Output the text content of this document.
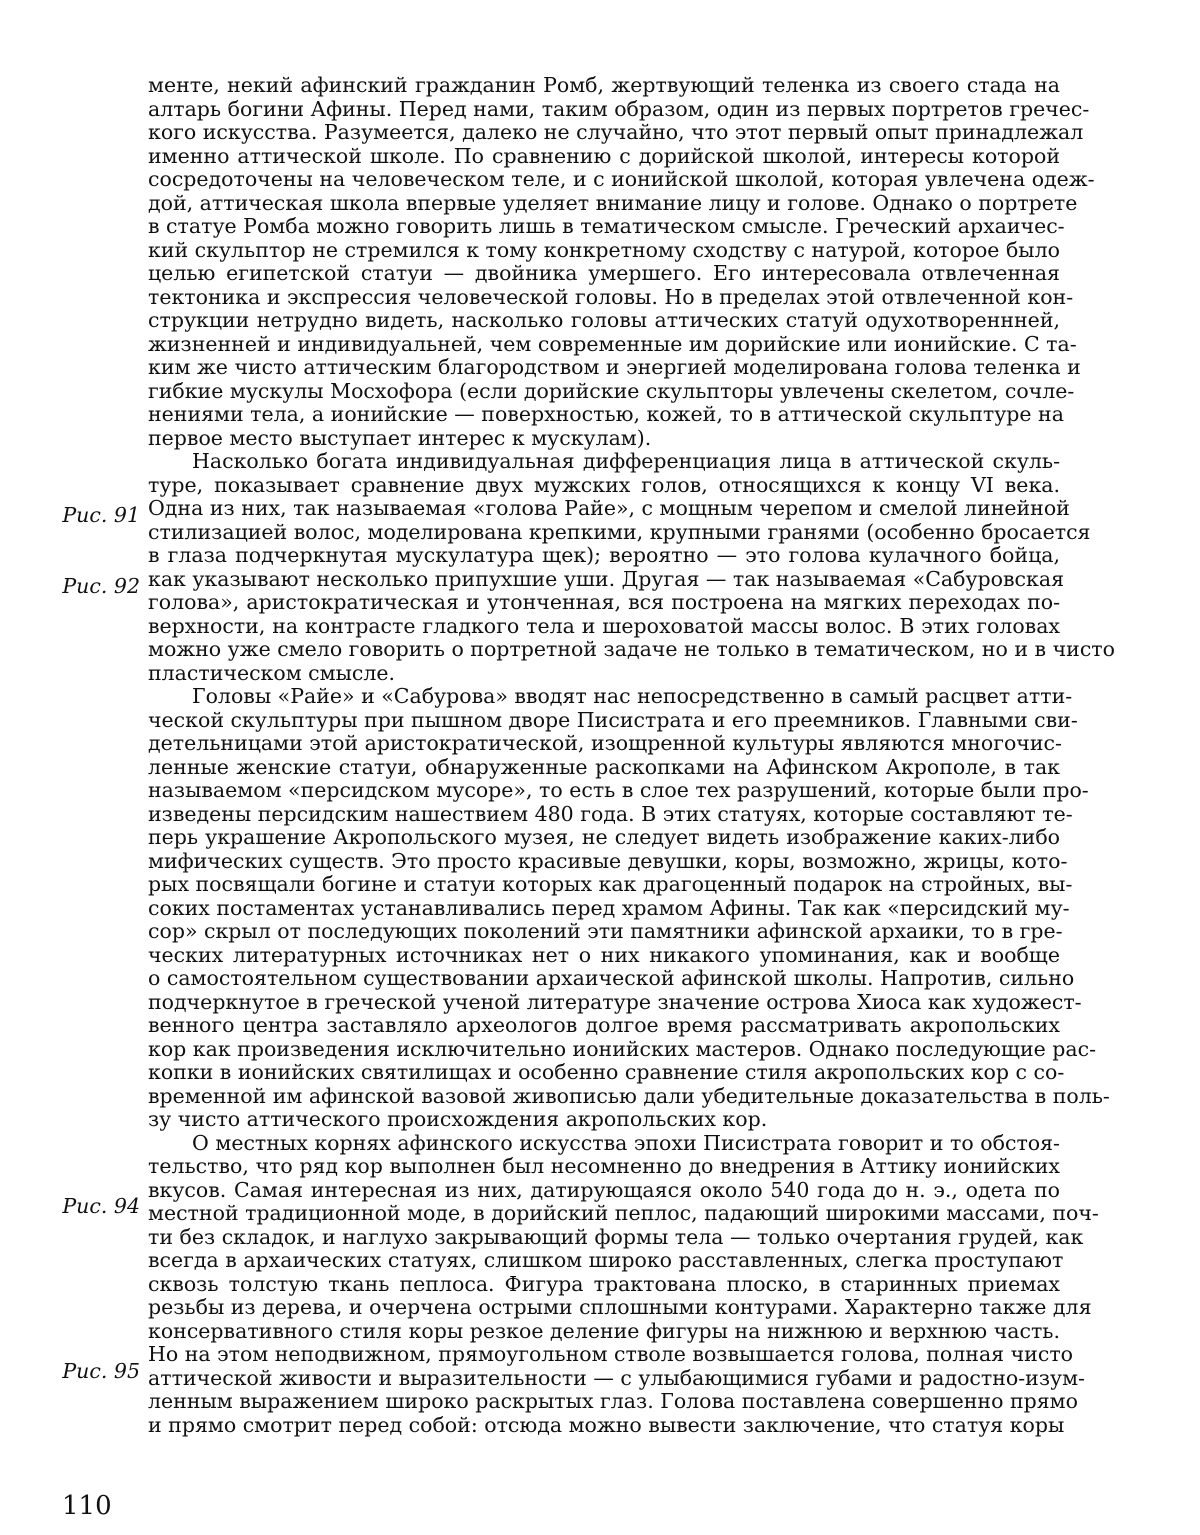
менте, некий афинский гражданин Ромб, жертвующий теленка из своего стада на
алтарь богини Афины. Перед нами, таким образом, один из первых портретов гречес-
кого искусства. Разумеется, далеко не случайно, что этот первый опыт принадлежал
именно аттической школе. По сравнению с дорийской школой, интересы которой
сосредоточены на человеческом теле, и с ионийской школой, которая увлечена одеж-
дой, аттическая школа впервые уделяет внимание лицу и голове. Однако о портрете
в статуе Ромба можно говорить лишь в тематическом смысле. Греческий архаичес-
кий скульптор не стремился к тому конкретному сходству с натурой, которое было
целью египетской статуи — двойника умершего. Его интересовала отвлеченная
тектоника и экспрессия человеческой головы. Но в пределах этой отвлеченной кон-
струкции нетрудно видеть, насколько головы аттических статуй одухотвореннней,
жизненней и индивидуальней, чем современные им дорийские или ионийские. С та-
ким же чисто аттическим благородством и энергией моделирована голова теленка и
гибкие мускулы Мосхофора (если дорийские скульпторы увлечены скелетом, сочле-
нениями тела, а ионийские — поверхностью, кожей, то в аттической скульптуре на
первое место выступает интерес к мускулам).
Насколько богата индивидуальная дифференциация лица в аттической скуль-
туре, показывает сравнение двух мужских голов, относящихся к концу VI века.
Одна из них, так называемая «голова Райе», с мощным черепом и смелой линейной
стилизацией волос, моделирована крепкими, крупными гранями (особенно бросается
в глаза подчеркнутая мускулатура щек); вероятно — это голова кулачного бойца,
как указывают несколько припухшие уши. Другая — так называемая «Сабуровская
голова», аристократическая и утонченная, вся построена на мягких переходах по-
верхности, на контрасте гладкого тела и шероховатой массы волос. В этих головах
можно уже смело говорить о портретной задаче не только в тематическом, но и в чисто
пластическом смысле.
Головы «Райе» и «Сабурова» вводят нас непосредственно в самый расцвет атти-
ческой скульптуры при пышном дворе Писистрата и его преемников. Главными сви-
детельницами этой аристократической, изощренной культуры являются многочис-
ленные женские статуи, обнаруженные раскопками на Афинском Акрополе, в так
называемом «персидском мусоре», то есть в слое тех разрушений, которые были про-
изведены персидским нашествием 480 года. В этих статуях, которые составляют те-
перь украшение Акропольского музея, не следует видеть изображение каких-либо
мифических существ. Это просто красивые девушки, коры, возможно, жрицы, кото-
рых посвящали богине и статуи которых как драгоценный подарок на стройных, вы-
соких постаментах устанавливались перед храмом Афины. Так как «персидский му-
сор» скрыл от последующих поколений эти памятники афинской архаики, то в гре-
ческих литературных источниках нет о них никакого упоминания, как и вообще
о самостоятельном существовании архаической афинской школы. Напротив, сильно
подчеркнутое в греческой ученой литературе значение острова Хиоса как художест-
венного центра заставляло археологов долгое время рассматривать акропольских
кор как произведения исключительно ионийских мастеров. Однако последующие рас-
копки в ионийских святилищах и особенно сравнение стиля акропольских кор с со-
временной им афинской вазовой живописью дали убедительные доказательства в поль-
зу чисто аттического происхождения акропольских кор.
О местных корнях афинского искусства эпохи Писистрата говорит и то обстоя-
тельство, что ряд кор выполнен был несомненно до внедрения в Аттику ионийских
вкусов. Самая интересная из них, датирующаяся около 540 года до н. э., одета по
местной традиционной моде, в дорийский пеплос, падающий широкими массами, поч-
ти без складок, и наглухо закрывающий формы тела — только очертания грудей, как
всегда в архаических статуях, слишком широко расставленных, слегка проступают
сквозь толстую ткань пеплоса. Фигура трактована плоско, в старинных приемах
резьбы из дерева, и очерчена острыми сплошными контурами. Характерно также для
консервативного стиля коры резкое деление фигуры на нижнюю и верхнюю часть.
Но на этом неподвижном, прямоугольном стволе возвышается голова, полная чисто
аттической живости и выразительности — с улыбающимися губами и радостно-изум-
ленным выражением широко раскрытых глаз. Голова поставлена совершенно прямо
и прямо смотрит перед собой: отсюда можно вывести заключение, что статуя коры
Рис. 91
Рис. 92
Рис. 94
Рис. 95
110
